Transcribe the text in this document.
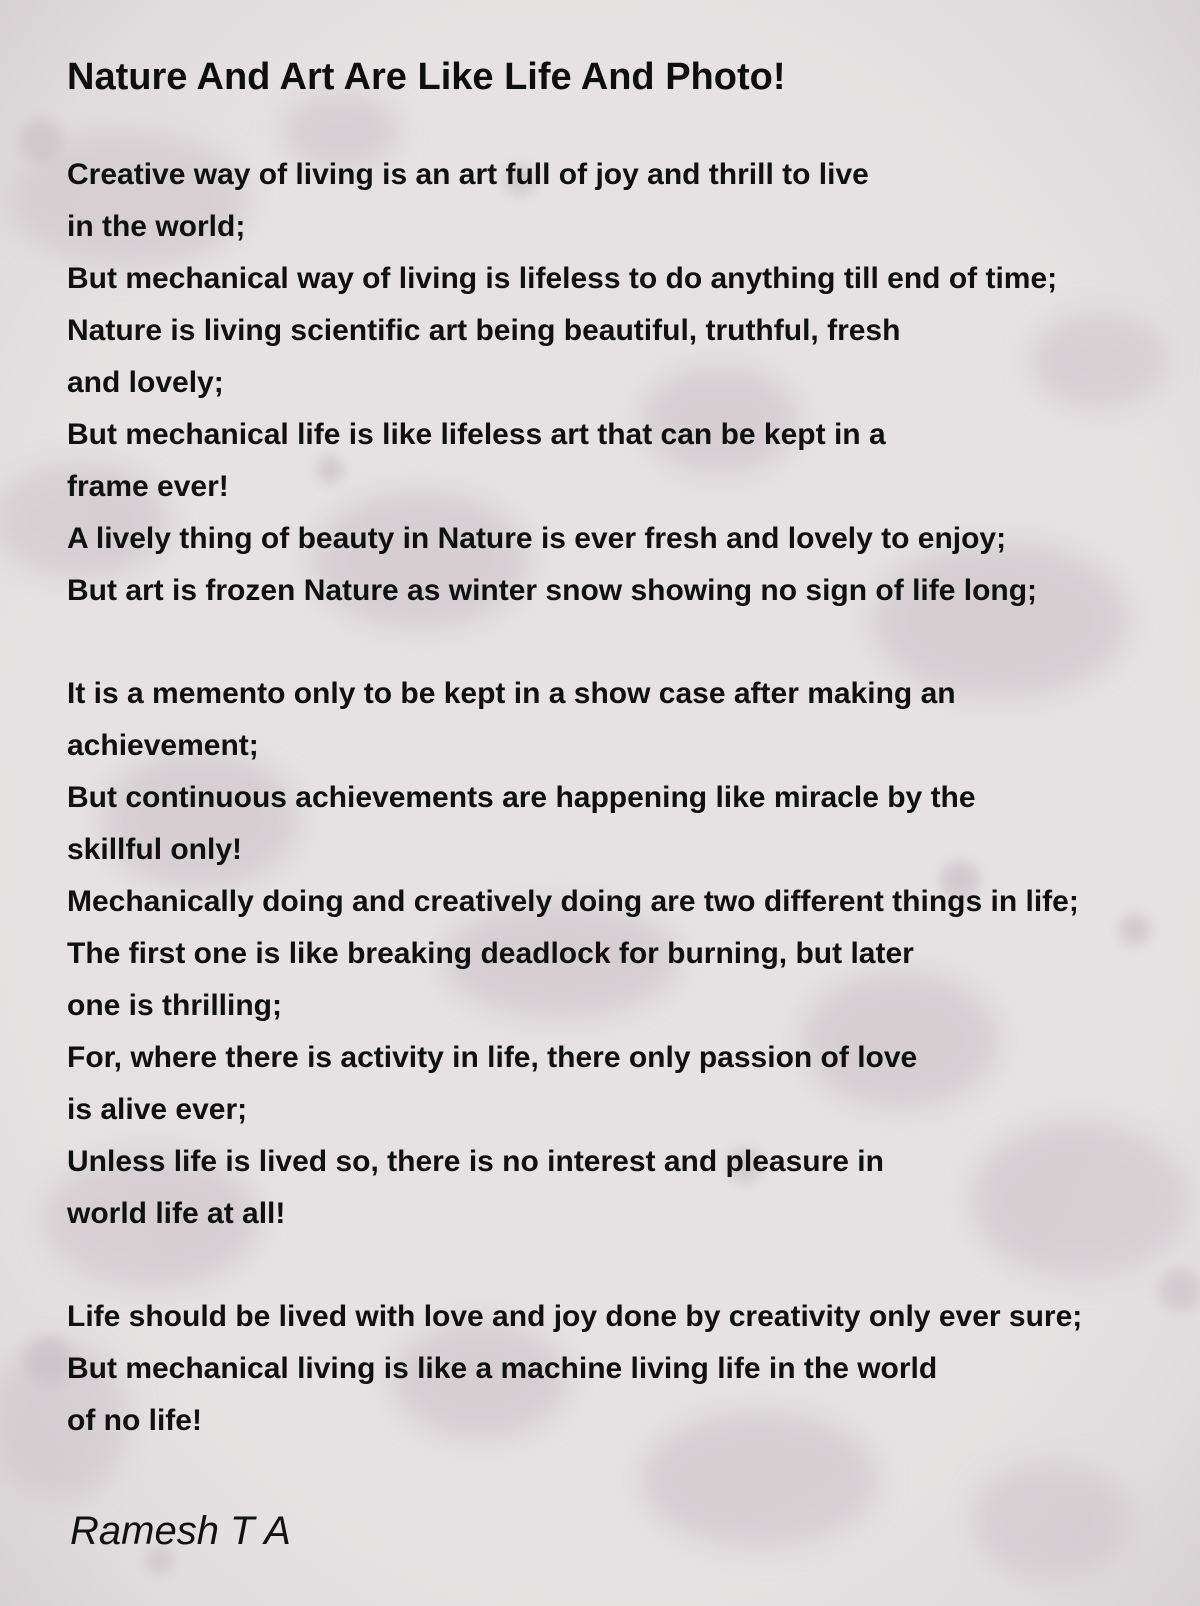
Nature And Art Are Like Life And Photo!
Creative way of living is an art full of joy and thrill to live
in the world;
But mechanical way of living is lifeless to do anything till end of time;
Nature is living scientific art being beautiful, truthful, fresh
and lovely;
But mechanical life is like lifeless art that can be kept in a
frame ever!
A lively thing of beauty in Nature is ever fresh and lovely to enjoy;
But art is frozen Nature as winter snow showing no sign of life long;
It is a memento only to be kept in a show case after making an
achievement;
But continuous achievements are happening like miracle by the
skillful only!
Mechanically doing and creatively doing are two different things in life;
The first one is like breaking deadlock for burning, but later
one is thrilling;
For, where there is activity in life, there only passion of love
is alive ever;
Unless life is lived so, there is no interest and pleasure in
world life at all!
Life should be lived with love and joy done by creativity only ever sure;
But mechanical living is like a machine living life in the world
of no life!

Ramesh T A
